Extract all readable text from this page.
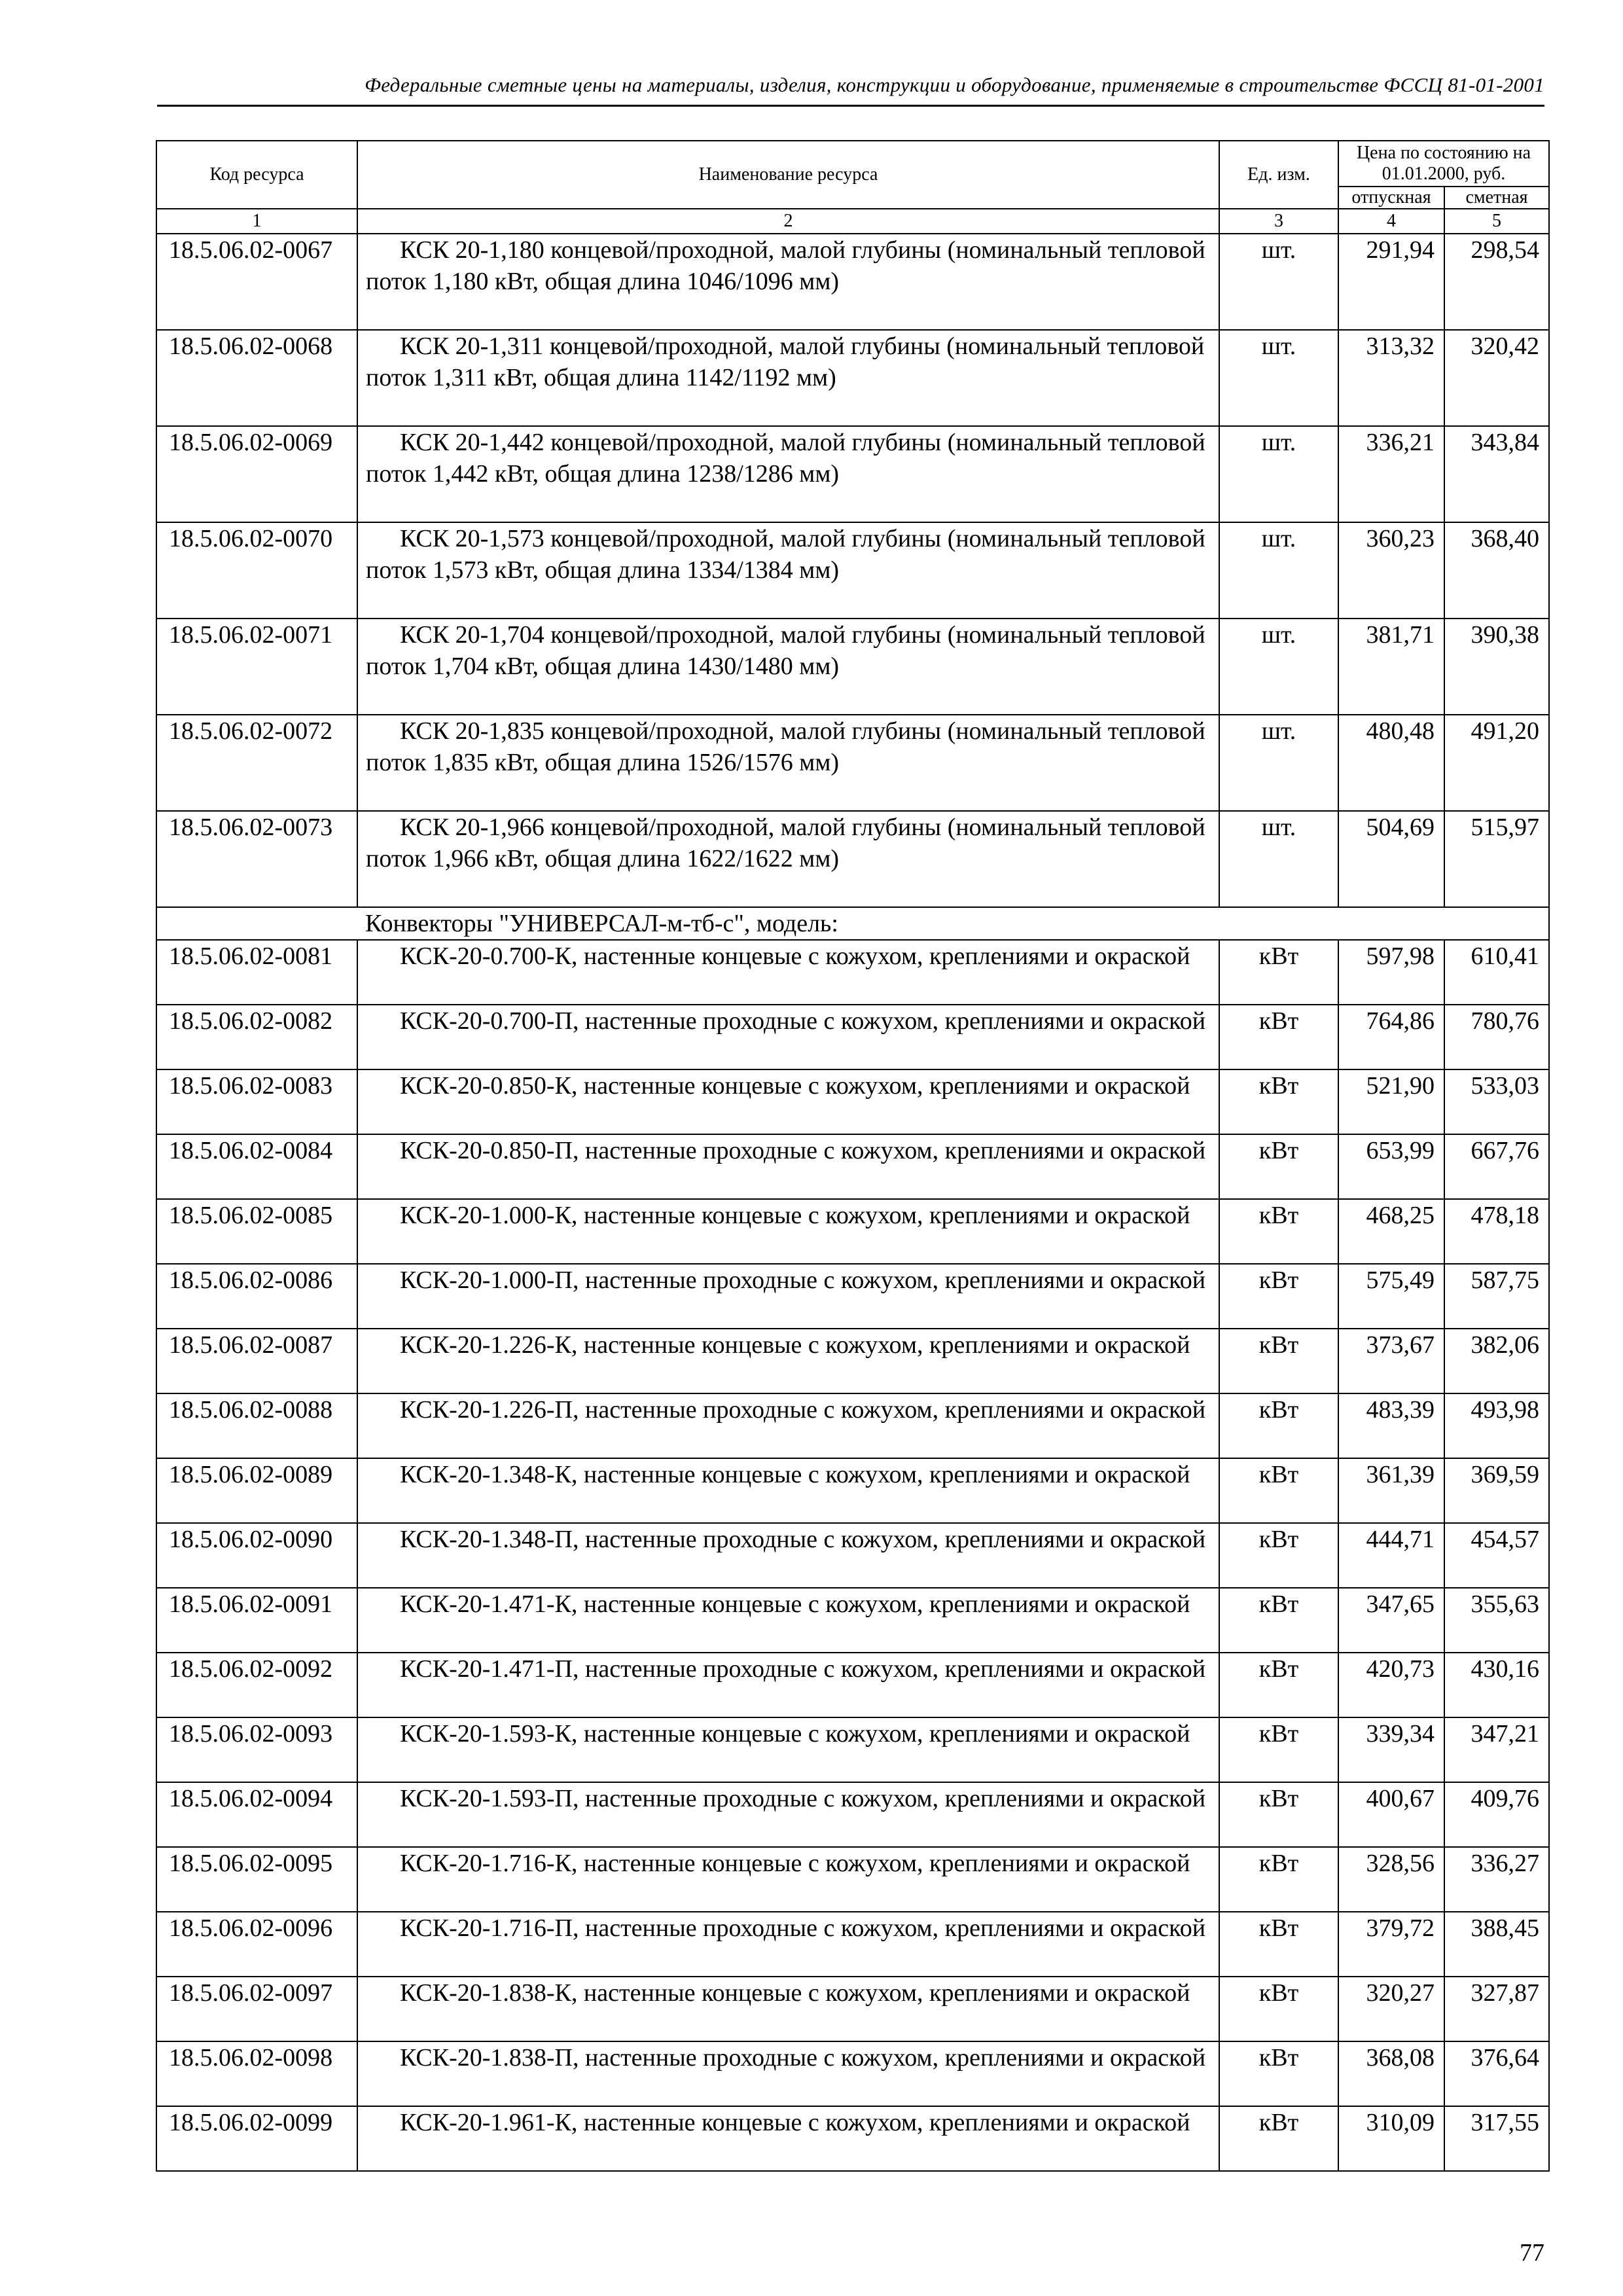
Федеральные сметные цены на материалы, изделия, конструкции и оборудование, применяемые в строительстве ФССЦ 81-01-2001
Код ресурса	Наименование ресурса	Ед. изм.	Цена по состоянию на 01.01.2000, руб.	
			отпускная	сметная
1	2	3	4	5
18.5.06.02-0067	КСК 20-1,180 концевой/проходной, малой глубины (номинальный тепловой поток 1,180 кВт, общая длина 1046/1096 мм)	шт.	291,94	298,54
18.5.06.02-0068	КСК 20-1,311 концевой/проходной, малой глубины (номинальный тепловой поток 1,311 кВт, общая длина 1142/1192 мм)	шт.	313,32	320,42
18.5.06.02-0069	КСК 20-1,442 концевой/проходной, малой глубины (номинальный тепловой поток 1,442 кВт, общая длина 1238/1286 мм)	шт.	336,21	343,84
18.5.06.02-0070	КСК 20-1,573 концевой/проходной, малой глубины (номинальный тепловой поток 1,573 кВт, общая длина 1334/1384 мм)	шт.	360,23	368,40
18.5.06.02-0071	КСК 20-1,704 концевой/проходной, малой глубины (номинальный тепловой поток 1,704 кВт, общая длина 1430/1480 мм)	шт.	381,71	390,38
18.5.06.02-0072	КСК 20-1,835 концевой/проходной, малой глубины (номинальный тепловой поток 1,835 кВт, общая длина 1526/1576 мм)	шт.	480,48	491,20
18.5.06.02-0073	КСК 20-1,966 концевой/проходной, малой глубины (номинальный тепловой поток 1,966 кВт, общая длина 1622/1622 мм)	шт.	504,69	515,97
	Конвекторы "УНИВЕРСАЛ-м-тб-с", модель:			
18.5.06.02-0081	КСК-20-0.700-К, настенные концевые с кожухом, креплениями и окраской	кВт	597,98	610,41
18.5.06.02-0082	КСК-20-0.700-П, настенные проходные с кожухом, креплениями и окраской	кВт	764,86	780,76
18.5.06.02-0083	КСК-20-0.850-К, настенные концевые с кожухом, креплениями и окраской	кВт	521,90	533,03
18.5.06.02-0084	КСК-20-0.850-П, настенные проходные с кожухом, креплениями и окраской	кВт	653,99	667,76
18.5.06.02-0085	КСК-20-1.000-К, настенные концевые с кожухом, креплениями и окраской	кВт	468,25	478,18
18.5.06.02-0086	КСК-20-1.000-П, настенные проходные с кожухом, креплениями и окраской	кВт	575,49	587,75
18.5.06.02-0087	КСК-20-1.226-К, настенные концевые с кожухом, креплениями и окраской	кВт	373,67	382,06
18.5.06.02-0088	КСК-20-1.226-П, настенные проходные с кожухом, креплениями и окраской	кВт	483,39	493,98
18.5.06.02-0089	КСК-20-1.348-К, настенные концевые с кожухом, креплениями и окраской	кВт	361,39	369,59
18.5.06.02-0090	КСК-20-1.348-П, настенные проходные с кожухом, креплениями и окраской	кВт	444,71	454,57
18.5.06.02-0091	КСК-20-1.471-К, настенные концевые с кожухом, креплениями и окраской	кВт	347,65	355,63
18.5.06.02-0092	КСК-20-1.471-П, настенные проходные с кожухом, креплениями и окраской	кВт	420,73	430,16
18.5.06.02-0093	КСК-20-1.593-К, настенные концевые с кожухом, креплениями и окраской	кВт	339,34	347,21
18.5.06.02-0094	КСК-20-1.593-П, настенные проходные с кожухом, креплениями и окраской	кВт	400,67	409,76
18.5.06.02-0095	КСК-20-1.716-К, настенные концевые с кожухом, креплениями и окраской	кВт	328,56	336,27
18.5.06.02-0096	КСК-20-1.716-П, настенные проходные с кожухом, креплениями и окраской	кВт	379,72	388,45
18.5.06.02-0097	КСК-20-1.838-К, настенные концевые с кожухом, креплениями и окраской	кВт	320,27	327,87
18.5.06.02-0098	КСК-20-1.838-П, настенные проходные с кожухом, креплениями и окраской	кВт	368,08	376,64
18.5.06.02-0099	КСК-20-1.961-К, настенные концевые с кожухом, креплениями и окраской	кВт	310,09	317,55
77
